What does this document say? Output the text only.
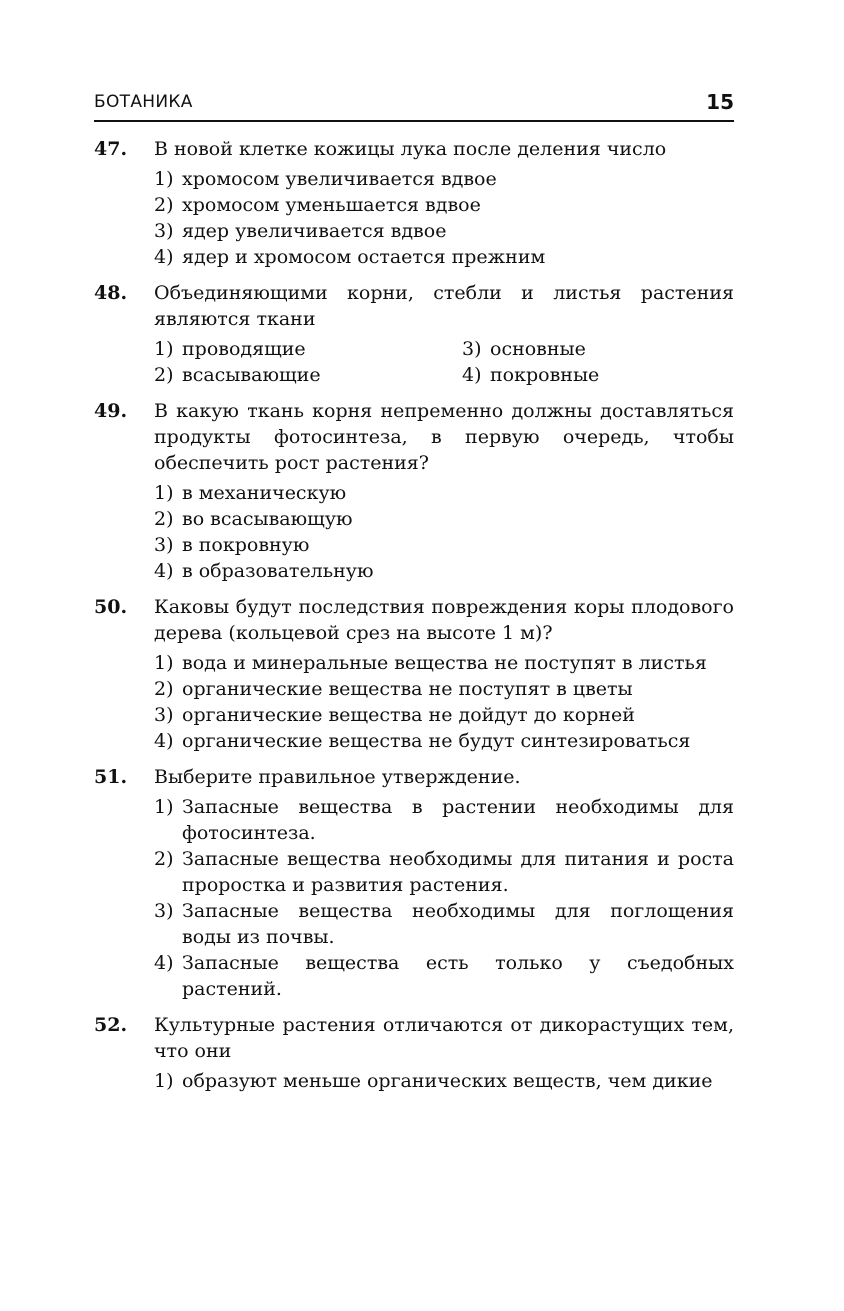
БОТАНИКА	15
47.	В новой клетке кожицы лука после деления число
1) хромосом увеличивается вдвое
2) хромосом уменьшается вдвое
3) ядер увеличивается вдвое
4) ядер и хромосом остается прежним
48.	Объединяющими корни, стебли и листья растения являются ткани
1) проводящие	3) основные
2) всасывающие	4) покровные
49.	В какую ткань корня непременно должны доставляться продукты фотосинтеза, в первую очередь, чтобы обеспечить рост растения?
1) в механическую
2) во всасывающую
3) в покровную
4) в образовательную
50.	Каковы будут последствия повреждения коры плодового дерева (кольцевой срез на высоте 1 м)?
1) вода и минеральные вещества не поступят в листья
2) органические вещества не поступят в цветы
3) органические вещества не дойдут до корней
4) органические вещества не будут синтезироваться
51.	Выберите правильное утверждение.
1) Запасные вещества в растении необходимы для фотосинтеза.
2) Запасные вещества необходимы для питания и роста проростка и развития растения.
3) Запасные вещества необходимы для поглощения воды из почвы.
4) Запасные вещества есть только у съедобных растений.
52.	Культурные растения отличаются от дикорастущих тем, что они
1) образуют меньше органических веществ, чем дикие
